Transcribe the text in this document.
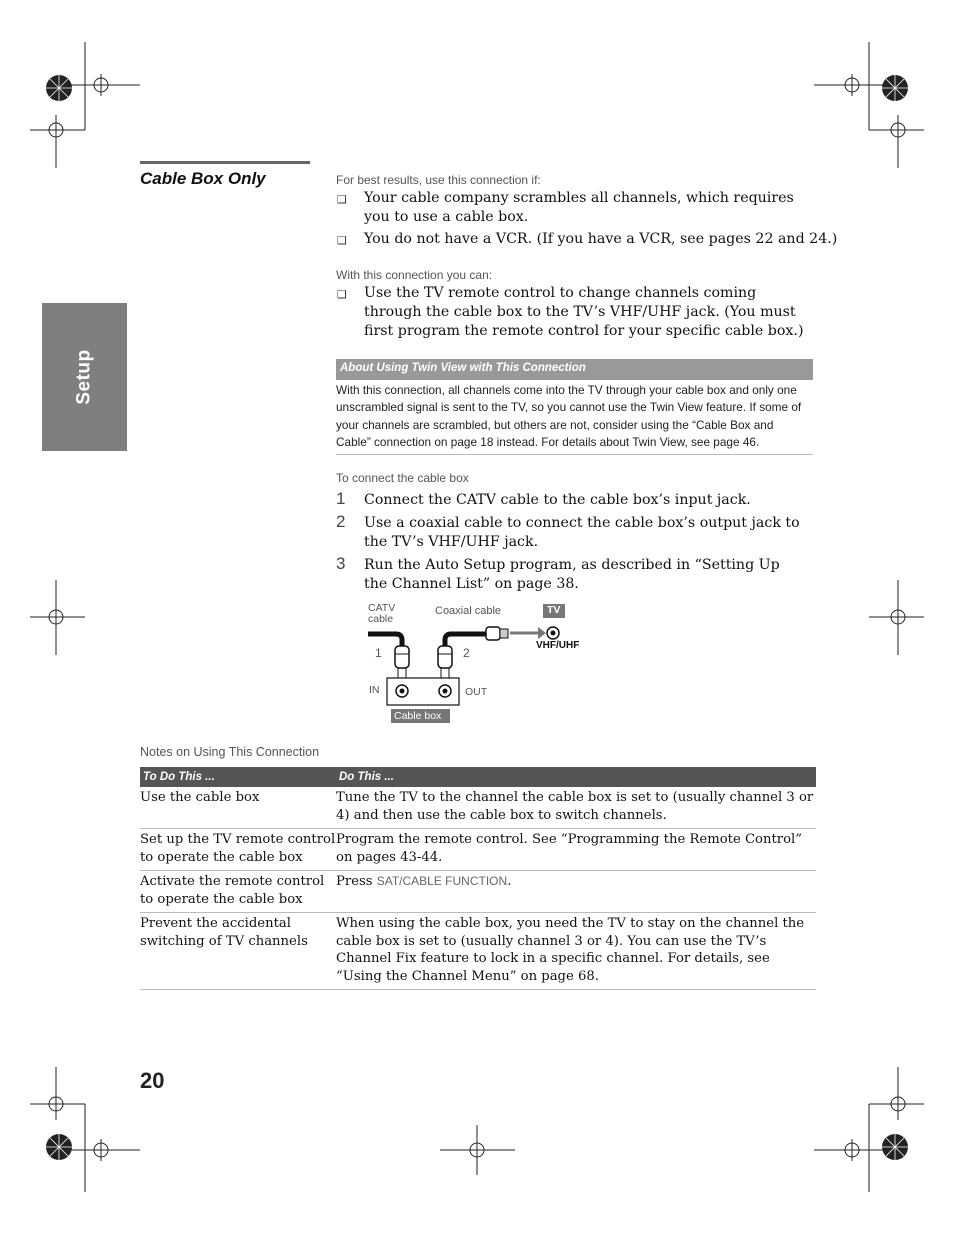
Setup
Cable Box Only	For best results, use this connection if:
❑ Your cable company scrambles all channels, which requires you to use a cable box.
❑ You do not have a VCR. (If you have a VCR, see pages 22 and 24.)
With this connection you can:
❑ Use the TV remote control to change channels coming through the cable box to the TV’s VHF/UHF jack. (You must first program the remote control for your specific cable box.)
About Using Twin View with This Connection
With this connection, all channels come into the TV through your cable box and only one unscrambled signal is sent to the TV, so you cannot use the Twin View feature. If some of your channels are scrambled, but others are not, consider using the “Cable Box and Cable” connection on page 18 instead. For details about Twin View, see page 46.
To connect the cable box
1 Connect the CATV cable to the cable box’s input jack.
2 Use a coaxial cable to connect the cable box’s output jack to the TV’s VHF/UHF jack.
3 Run the Auto Setup program, as described in “Setting Up the Channel List” on page 38.
CATV
cable
Coaxial cable	TV
VHF/UHF
1	2
IN	OUT
Cable box
Notes on Using This Connection
To Do This ...	Do This ...
Use the cable box	Tune the TV to the channel the cable box is set to (usually channel 3 or 4) and then use the cable box to switch channels.
Set up the TV remote control to operate the cable box	Program the remote control. See “Programming the Remote Control” on pages 43-44.
Activate the remote control to operate the cable box	Press SAT/CABLE FUNCTION.
Prevent the accidental switching of TV channels	When using the cable box, you need the TV to stay on the channel the cable box is set to (usually channel 3 or 4). You can use the TV’s Channel Fix feature to lock in a specific channel. For details, see “Using the Channel Menu” on page 68.
20
